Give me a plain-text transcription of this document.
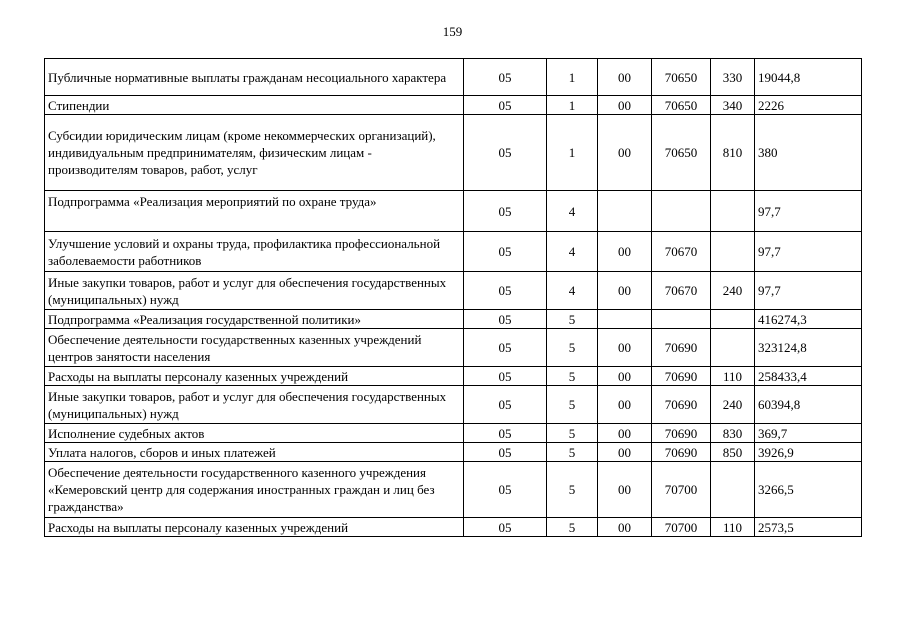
159
Публичные нормативные выплаты гражданам несоциального характера	05	1	00	70650	330	19044,8
Стипендии	05	1	00	70650	340	2226
Субсидии юридическим лицам (кроме некоммерческих организаций), индивидуальным предпринимателям, физическим лицам - производителям товаров, работ, услуг	05	1	00	70650	810	380
Подпрограмма «Реализация мероприятий по охране труда»	05	4				97,7
Улучшение условий и охраны труда, профилактика профессиональной заболеваемости работников	05	4	00	70670		97,7
Иные закупки товаров, работ и услуг для обеспечения государственных (муниципальных) нужд	05	4	00	70670	240	97,7
Подпрограмма «Реализация государственной политики»	05	5				416274,3
Обеспечение деятельности государственных казенных учреждений центров занятости населения	05	5	00	70690		323124,8
Расходы на выплаты персоналу казенных учреждений	05	5	00	70690	110	258433,4
Иные закупки товаров, работ и услуг для обеспечения государственных (муниципальных) нужд	05	5	00	70690	240	60394,8
Исполнение судебных актов	05	5	00	70690	830	369,7
Уплата налогов, сборов и иных платежей	05	5	00	70690	850	3926,9
Обеспечение деятельности государственного казенного учреждения «Кемеровский центр для содержания иностранных граждан и лиц без гражданства»	05	5	00	70700		3266,5
Расходы на выплаты персоналу казенных учреждений	05	5	00	70700	110	2573,5
